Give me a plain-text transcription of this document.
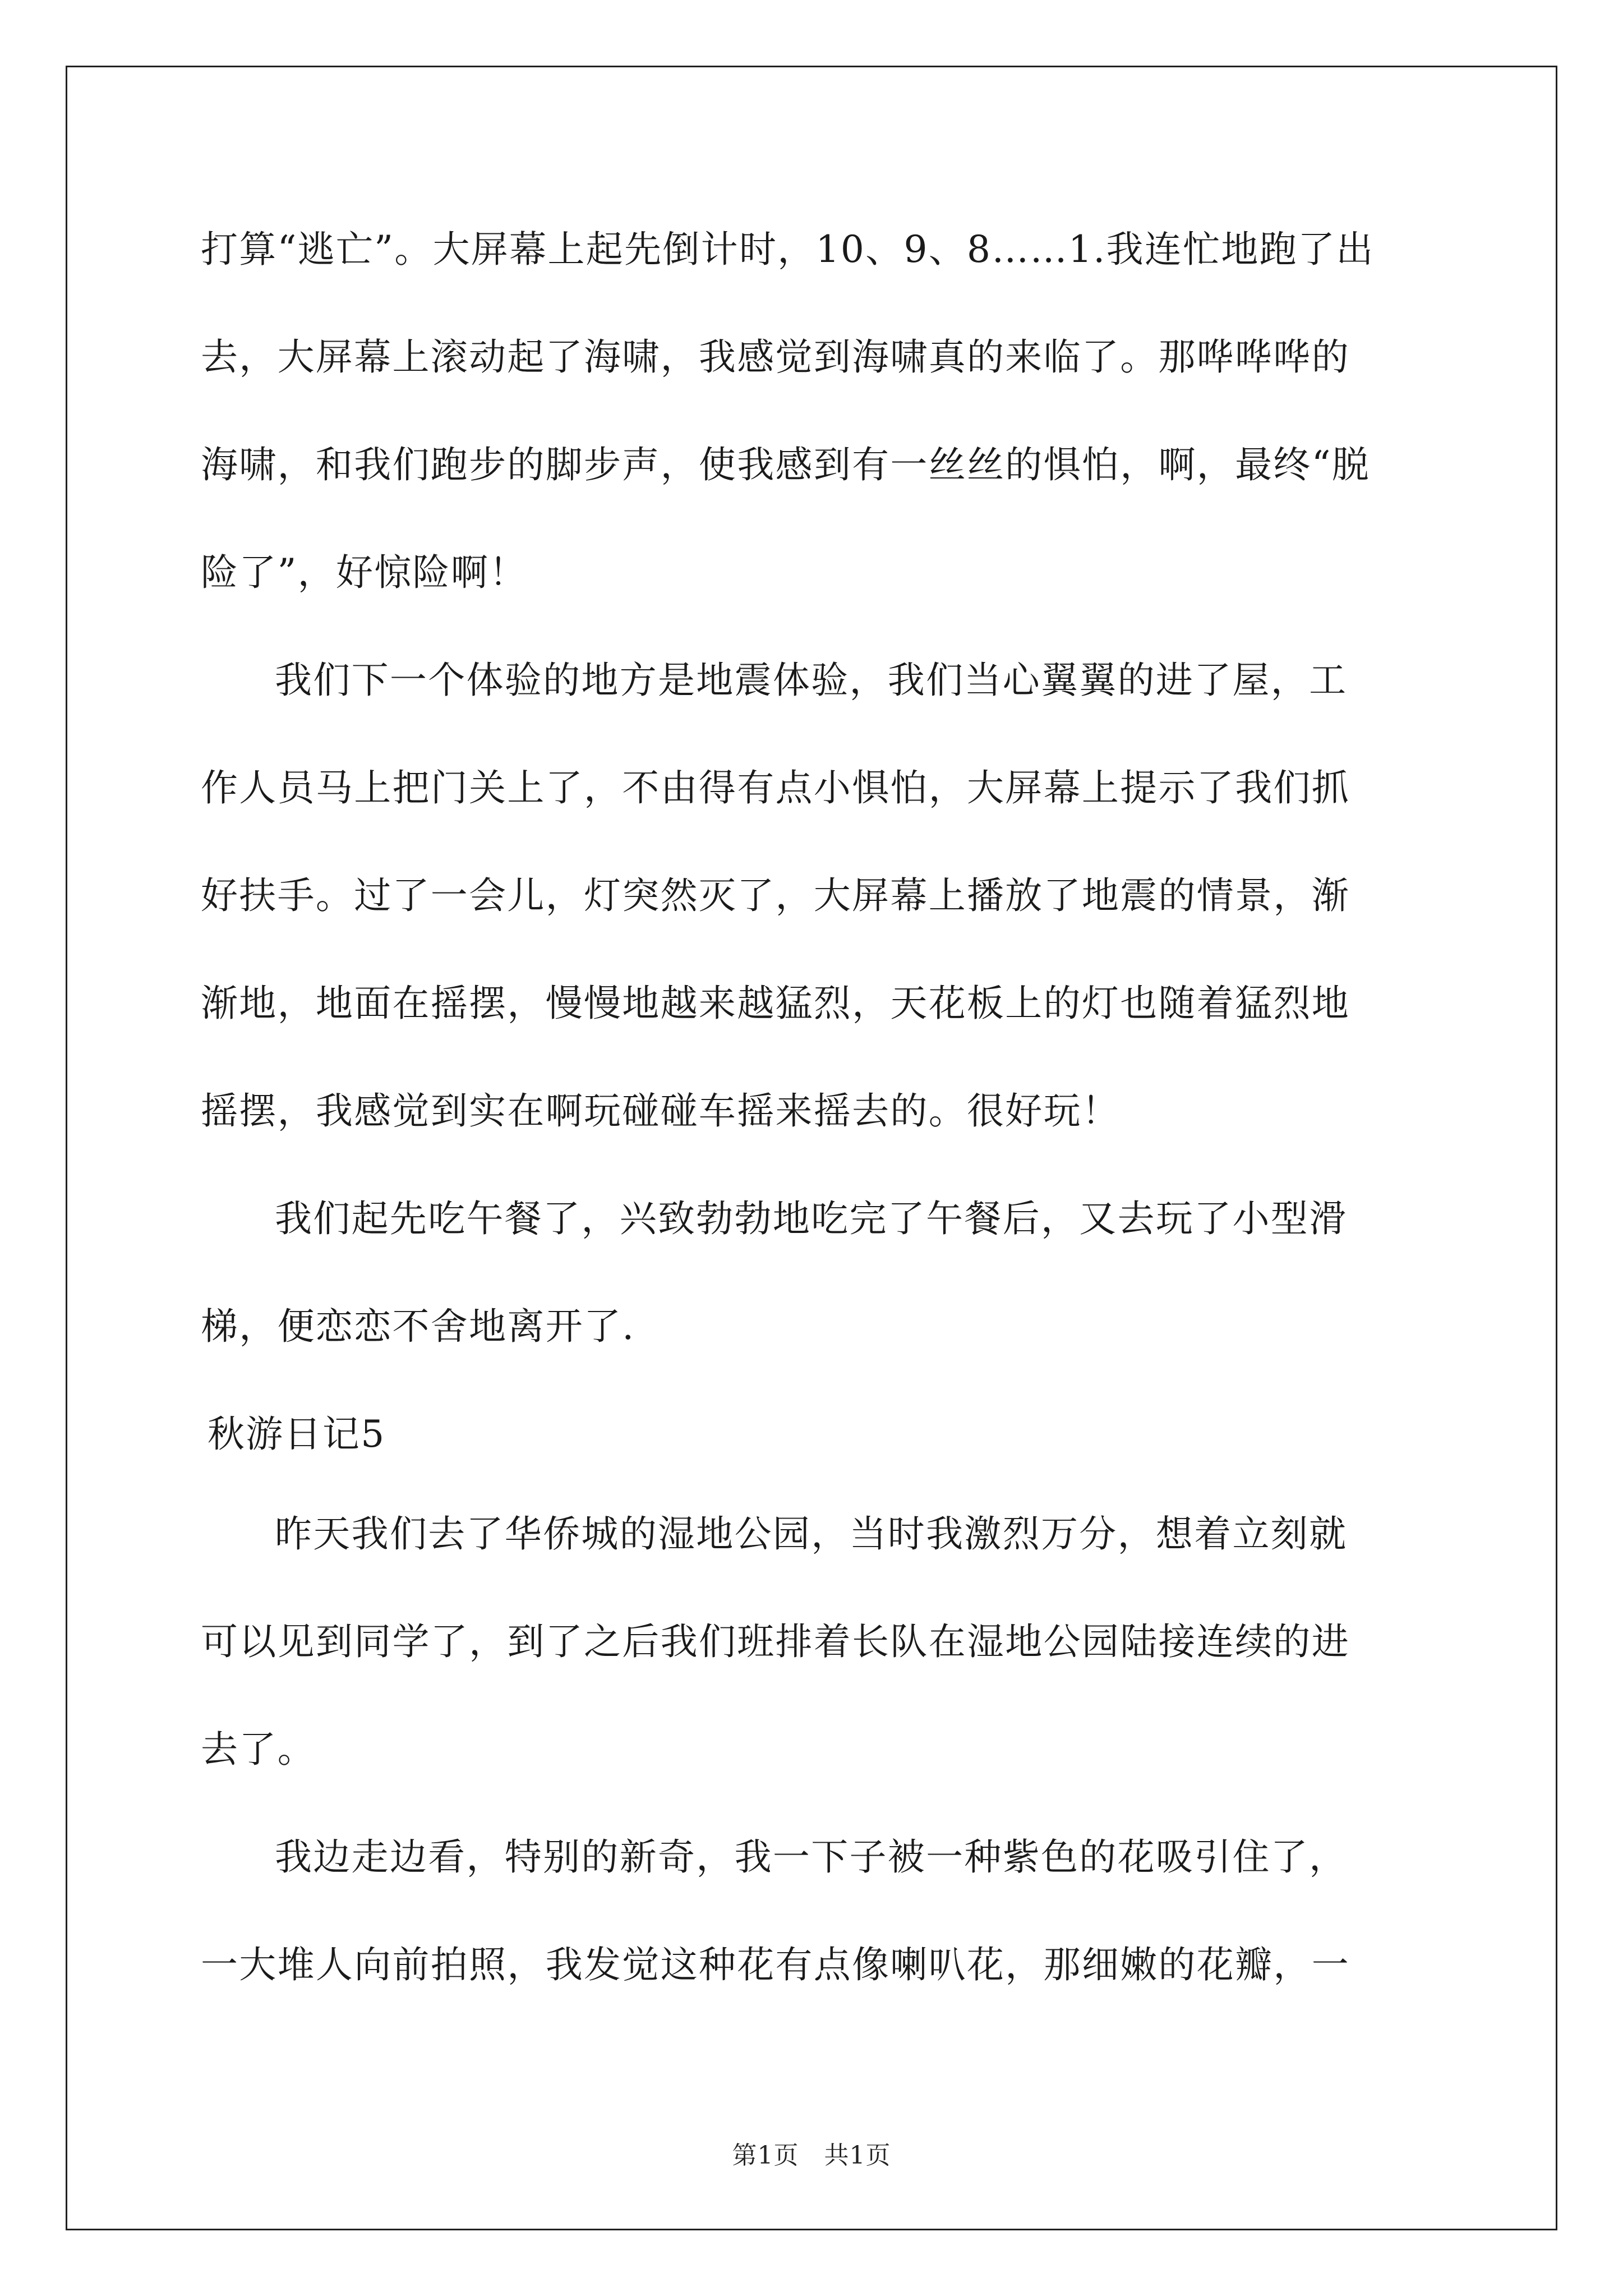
打算“逃亡”。大屏幕上起先倒计时，10、9、8……1.我连忙地跑了出
去，大屏幕上滚动起了海啸，我感觉到海啸真的来临了。那哗哗哗的
海啸，和我们跑步的脚步声，使我感到有一丝丝的惧怕，啊，最终“脱
险了”，好惊险啊！
我们下一个体验的地方是地震体验，我们当心翼翼的进了屋，工
作人员马上把门关上了，不由得有点小惧怕，大屏幕上提示了我们抓
好扶手。过了一会儿，灯突然灭了，大屏幕上播放了地震的情景，渐
渐地，地面在摇摆，慢慢地越来越猛烈，天花板上的灯也随着猛烈地
摇摆，我感觉到实在啊玩碰碰车摇来摇去的。很好玩！
我们起先吃午餐了，兴致勃勃地吃完了午餐后，又去玩了小型滑
梯，便恋恋不舍地离开了.
秋游日记5
昨天我们去了华侨城的湿地公园，当时我激烈万分，想着立刻就
可以见到同学了，到了之后我们班排着长队在湿地公园陆接连续的进
去了。
我边走边看，特别的新奇，我一下子被一种紫色的花吸引住了，
一大堆人向前拍照，我发觉这种花有点像喇叭花，那细嫩的花瓣，一
第1页　共1页
